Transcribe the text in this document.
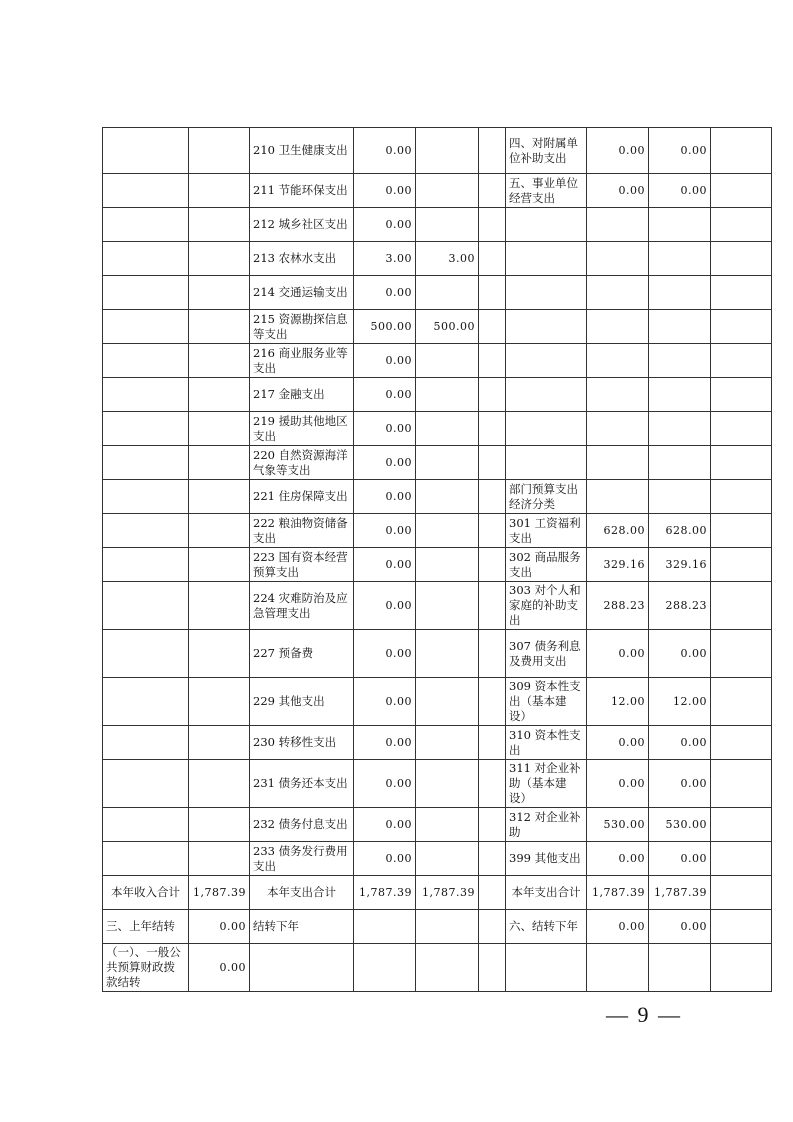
		210 卫生健康支出	0.00			四、对附属单位补助支出	0.00	0.00	
		211 节能环保支出	0.00			五、事业单位经营支出	0.00	0.00	
		212 城乡社区支出	0.00						
		213 农林水支出	3.00	3.00					
		214 交通运输支出	0.00						
		215 资源勘探信息等支出	500.00	500.00					
		216 商业服务业等支出	0.00						
		217 金融支出	0.00						
		219 援助其他地区支出	0.00						
		220 自然资源海洋气象等支出	0.00						
		221 住房保障支出	0.00			部门预算支出经济分类			
		222 粮油物资储备支出	0.00			301 工资福利支出	628.00	628.00	
		223 国有资本经营预算支出	0.00			302 商品服务支出	329.16	329.16	
		224 灾难防治及应急管理支出	0.00			303 对个人和家庭的补助支出	288.23	288.23	
		227 预备费	0.00			307 债务利息及费用支出	0.00	0.00	
		229 其他支出	0.00			309 资本性支出（基本建设）	12.00	12.00	
		230 转移性支出	0.00			310 资本性支出	0.00	0.00	
		231 债务还本支出	0.00			311 对企业补助（基本建设）	0.00	0.00	
		232 债务付息支出	0.00			312 对企业补助	530.00	530.00	
		233 债务发行费用支出	0.00			399 其他支出	0.00	0.00	
本年收入合计	1,787.39	本年支出合计	1,787.39	1,787.39		本年支出合计	1,787.39	1,787.39	
三、上年结转	0.00	结转下年				六、结转下年	0.00	0.00	
（一）、一般公共预算财政拨款结转	0.00								
— 9 —
